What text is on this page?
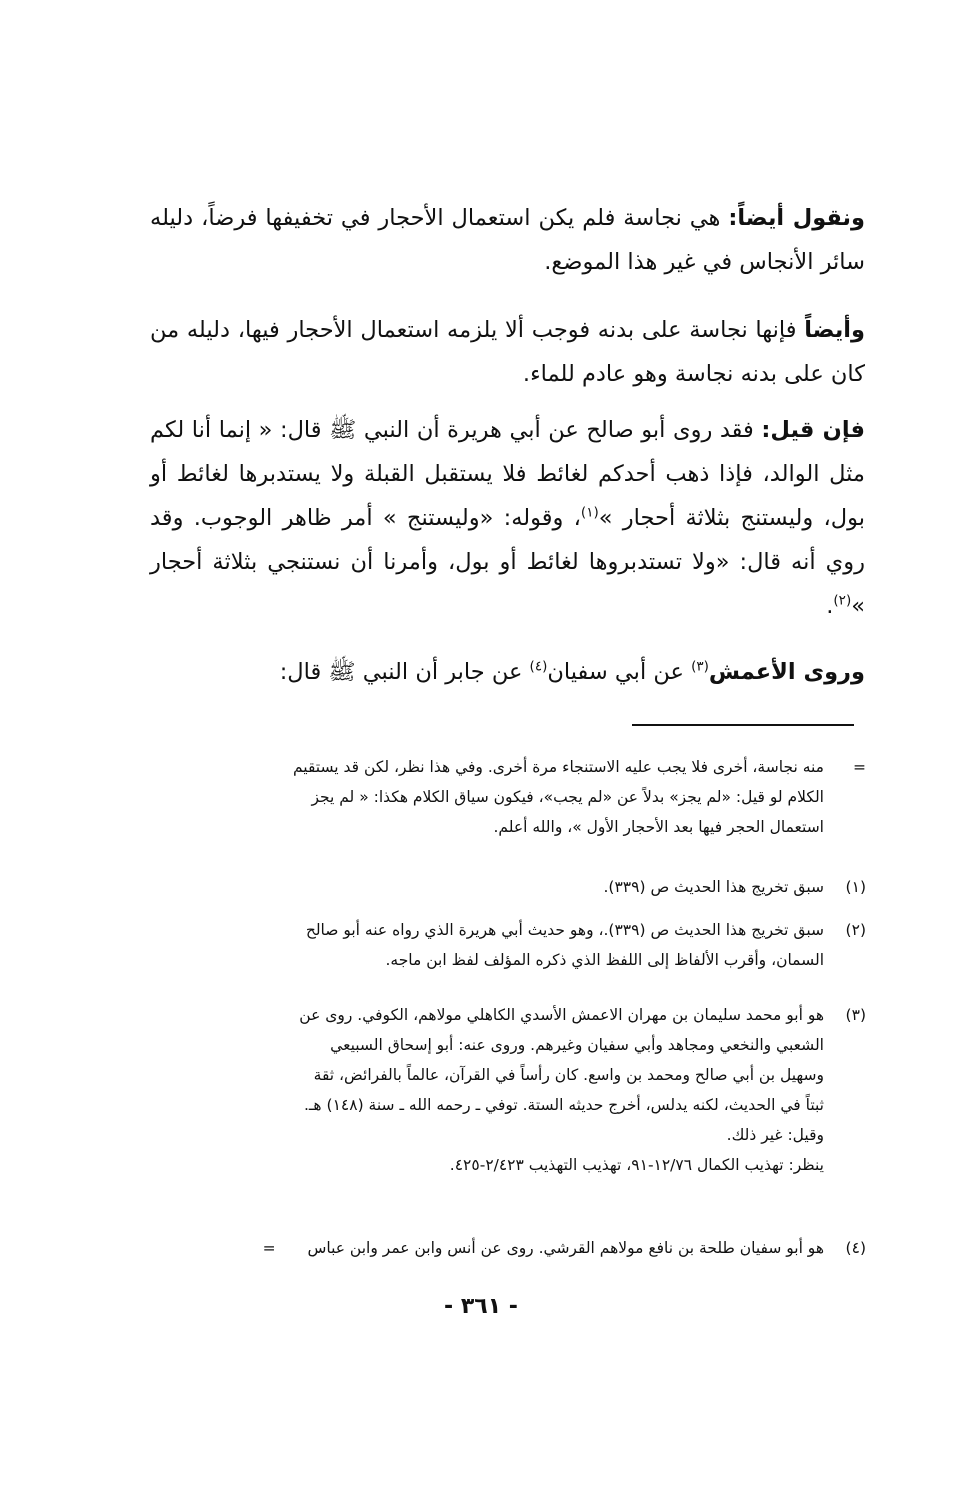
ونقول أيضاً: هي نجاسة فلم يكن استعمال الأحجار في تخفيفها فرضاً، دليله سائر الأنجاس في غير هذا الموضع.

وأيضاً فإنها نجاسة على بدنه فوجب ألا يلزمه استعمال الأحجار فيها، دليله من كان على بدنه نجاسة وهو عادم للماء.

فإن قيل: فقد روى أبو صالح عن أبي هريرة أن النبي ﷺ قال: « إنما أنا لكم مثل الوالد، فإذا ذهب أحدكم لغائط فلا يستقبل القبلة ولا يستدبرها لغائط أو بول، وليستنج بثلاثة أحجار »$^{(١)}$، وقوله: «وليستنج » أمر ظاهر الوجوب. وقد روي أنه قال: «ولا تستدبروها لغائط أو بول، وأمرنا أن نستنجي بثلاثة أحجار »$^{(٢)}$.

وروى الأعمش$^{(٣)}$ عن أبي سفيان$^{(٤)}$ عن جابر أن النبي ﷺ قال:

=
منه نجاسة، أخرى فلا يجب عليه الاستنجاء مرة أخرى. وفي هذا نظر، لكن قد يستقيم
الكلام لو قيل: «لم يجز» بدلاً عن «لم يجب»، فيكون سياق الكلام هكذا: « لم يجز
استعمال الحجر فيها بعد الأحجار الأول »، والله أعلم.
(١)
سبق تخريج هذا الحديث ص (٣٣٩).
(٢)
سبق تخريج هذا الحديث ص (٣٣٩).، وهو حديث أبي هريرة الذي رواه عنه أبو صالح
السمان، وأقرب الألفاظ إلى اللفظ الذي ذكره المؤلف لفظ ابن ماجه.
(٣)
هو أبو محمد سليمان بن مهران الاعمش الأسدي الكاهلي مولاهم، الكوفي. روى عن
الشعبي والنخعي ومجاهد وأبي سفيان وغيرهم. وروى عنه: أبو إسحاق السبيعي
وسهيل بن أبي صالح ومحمد بن واسع. كان رأساً في القرآن، عالماً بالفرائض، ثقة
ثبتاً في الحديث، لكنه يدلس، أخرج حديثه الستة. توفي ـ رحمه الله ـ سنة (١٤٨) هـ.
وقيل: غير ذلك.
ينظر: تهذيب الكمال ١٢/٧٦-٩١، تهذيب التهذيب ٢/٤٢٣-٤٢٥.
(٤)
هو أبو سفيان طلحة بن نافع مولاهم القرشي. روى عن أنس وابن عمر وابن عباس  =
- ٣٦١ -
